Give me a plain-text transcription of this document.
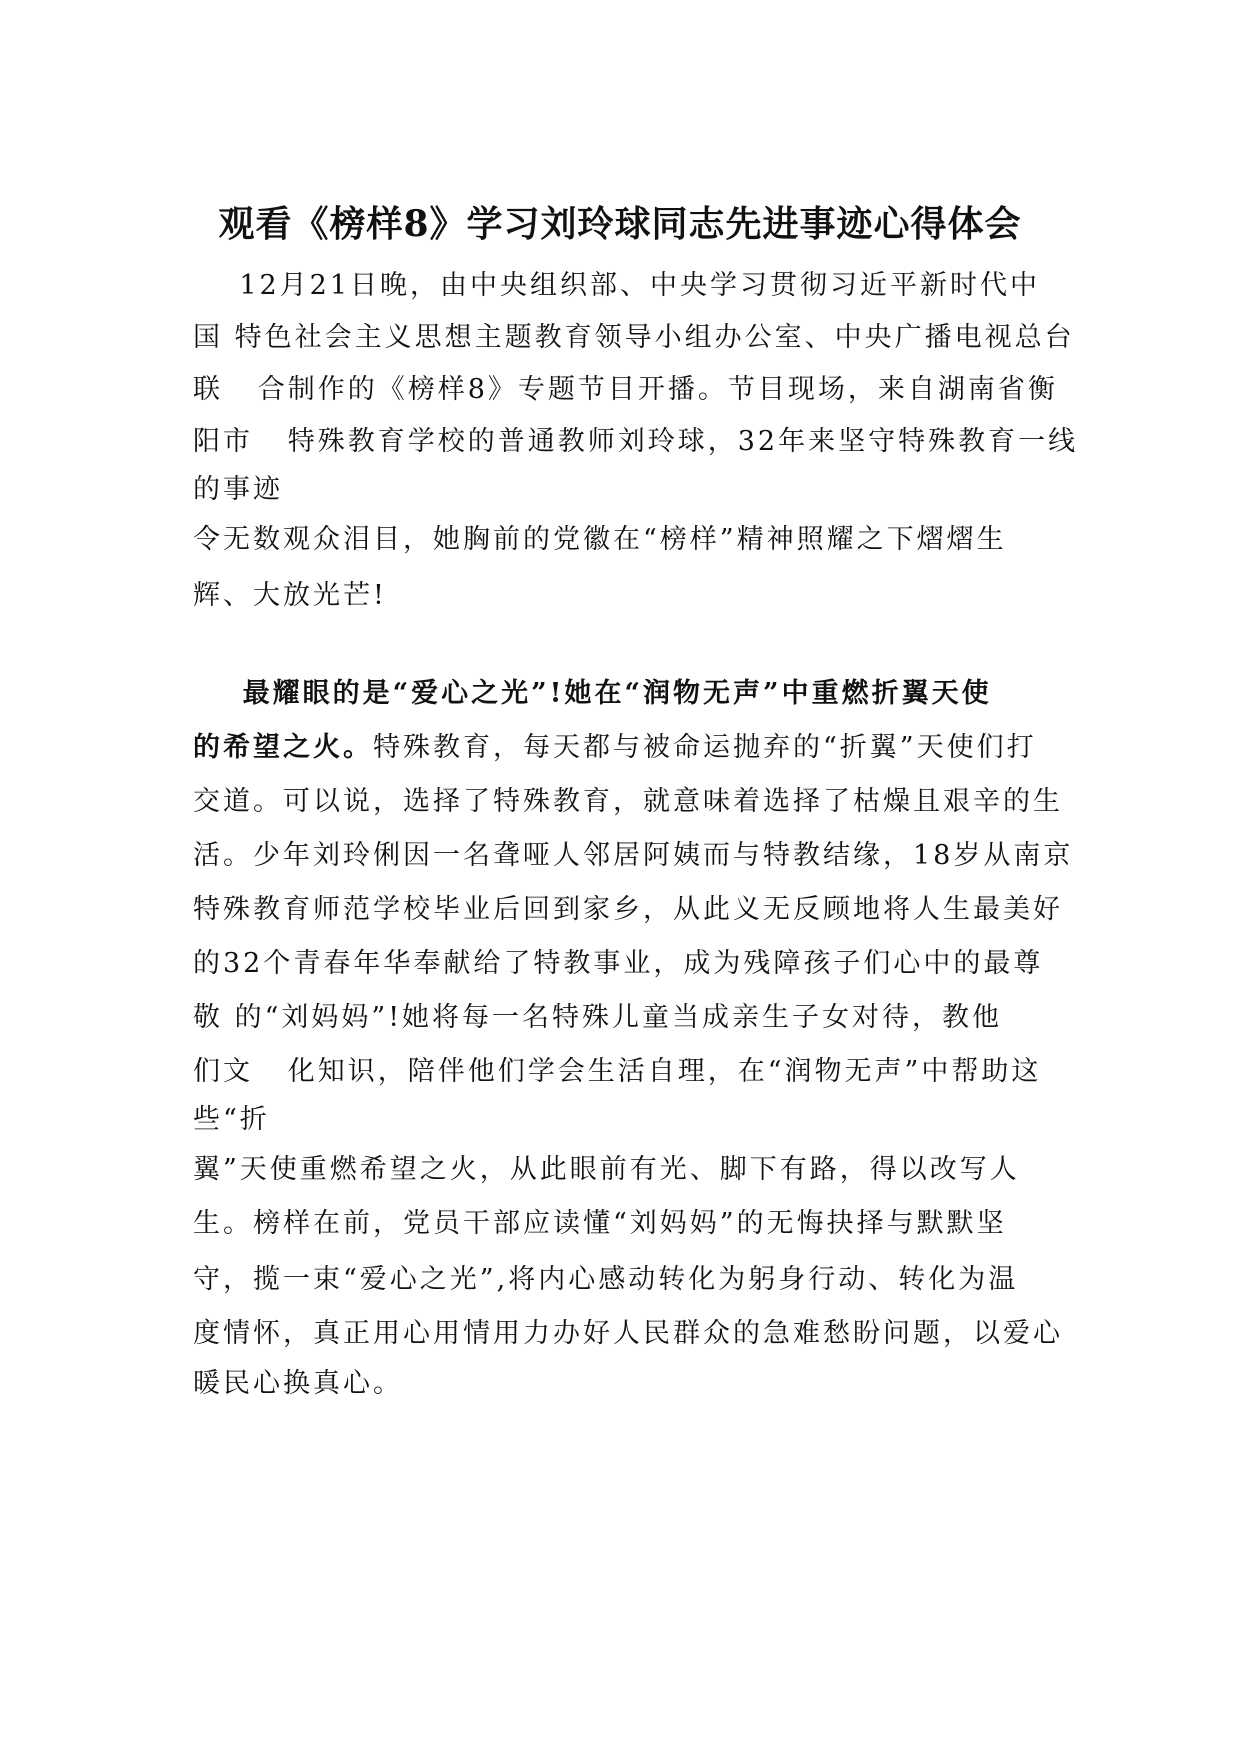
观看《榜样8》学习刘玲球同志先进事迹心得体会
12月21日晚，由中央组织部、中央学习贯彻习近平新时代中
国 特色社会主义思想主题教育领导小组办公室、中央广播电视总台
联   合制作的《榜样8》专题节目开播。节目现场，来自湖南省衡
阳市   特殊教育学校的普通教师刘玲球，32年来坚守特殊教育一线
的事迹
令无数观众泪目，她胸前的党徽在“榜样”精神照耀之下熠熠生
辉、大放光芒!
最耀眼的是“爱心之光”!她在“润物无声”中重燃折翼天使
的希望之火。特殊教育，每天都与被命运抛弃的“折翼”天使们打
交道。可以说，选择了特殊教育，就意味着选择了枯燥且艰辛的生
活。少年刘玲俐因一名聋哑人邻居阿姨而与特教结缘，18岁从南京
特殊教育师范学校毕业后回到家乡，从此义无反顾地将人生最美好
的32个青春年华奉献给了特教事业，成为残障孩子们心中的最尊
敬 的“刘妈妈”!她将每一名特殊儿童当成亲生子女对待，教他
们文   化知识，陪伴他们学会生活自理，在“润物无声”中帮助这
些“折
翼”天使重燃希望之火，从此眼前有光、脚下有路，得以改写人
生。榜样在前，党员干部应读懂“刘妈妈”的无悔抉择与默默坚
守，揽一束“爱心之光”,将内心感动转化为躬身行动、转化为温
度情怀，真正用心用情用力办好人民群众的急难愁盼问题，以爱心
暖民心换真心。
